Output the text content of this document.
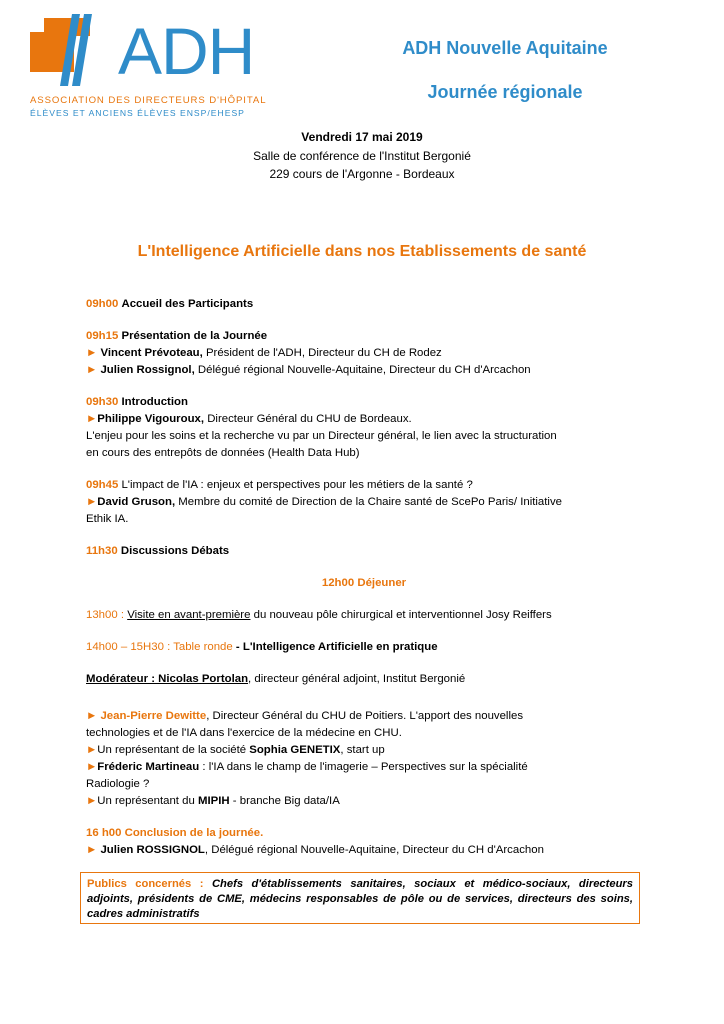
ADH
ASSOCIATION DES DIRECTEURS D'HÔPITAL
ÉLÈVES ET ANCIENS ÉLÈVES ENSP/EHESP
ADH Nouvelle Aquitaine
Journée régionale
Vendredi 17 mai 2019
Salle de conférence de l'Institut Bergonié
229 cours de l'Argonne - Bordeaux
L'Intelligence Artificielle dans nos Etablissements de santé

09h00 Accueil des Participants

09h15 Présentation de la Journée

► Vincent Prévoteau, Président de l'ADH, Directeur du CH de Rodez

► Julien Rossignol, Délégué régional Nouvelle-Aquitaine, Directeur du CH d'Arcachon

09h30 Introduction

►Philippe Vigouroux, Directeur Général du CHU de Bordeaux.

L'enjeu pour les soins et la recherche vu par un Directeur général, le lien avec la structuration

en cours des entrepôts de données (Health Data Hub)

09h45 L'impact de l'IA : enjeux et perspectives pour les métiers de la santé ?

►David Gruson, Membre du comité de Direction de la Chaire santé de ScePo Paris/ Initiative

Ethik IA.

11h30 Discussions Débats

12h00 Déjeuner

13h00 : Visite en avant-première du nouveau pôle chirurgical et interventionnel Josy Reiffers

14h00 – 15H30 : Table ronde - L'Intelligence Artificielle en pratique

Modérateur : Nicolas Portolan, directeur général adjoint, Institut Bergonié

► Jean-Pierre Dewitte, Directeur Général du CHU de Poitiers. L'apport des nouvelles

technologies et de l'IA dans l'exercice de la médecine en CHU.

►Un représentant de la société Sophia GENETIX, start up

►Fréderic Martineau : l'IA dans le champ de l'imagerie – Perspectives sur la spécialité

Radiologie ?

►Un représentant du MIPIH - branche Big data/IA

16 h00 Conclusion de la journée.

► Julien ROSSIGNOL, Délégué régional Nouvelle-Aquitaine, Directeur du CH d'Arcachon

Publics concernés : Chefs d'établissements sanitaires, sociaux et médico-sociaux, directeurs adjoints, présidents de CME, médecins responsables de pôle ou de services, directeurs des soins, cadres administratifs
